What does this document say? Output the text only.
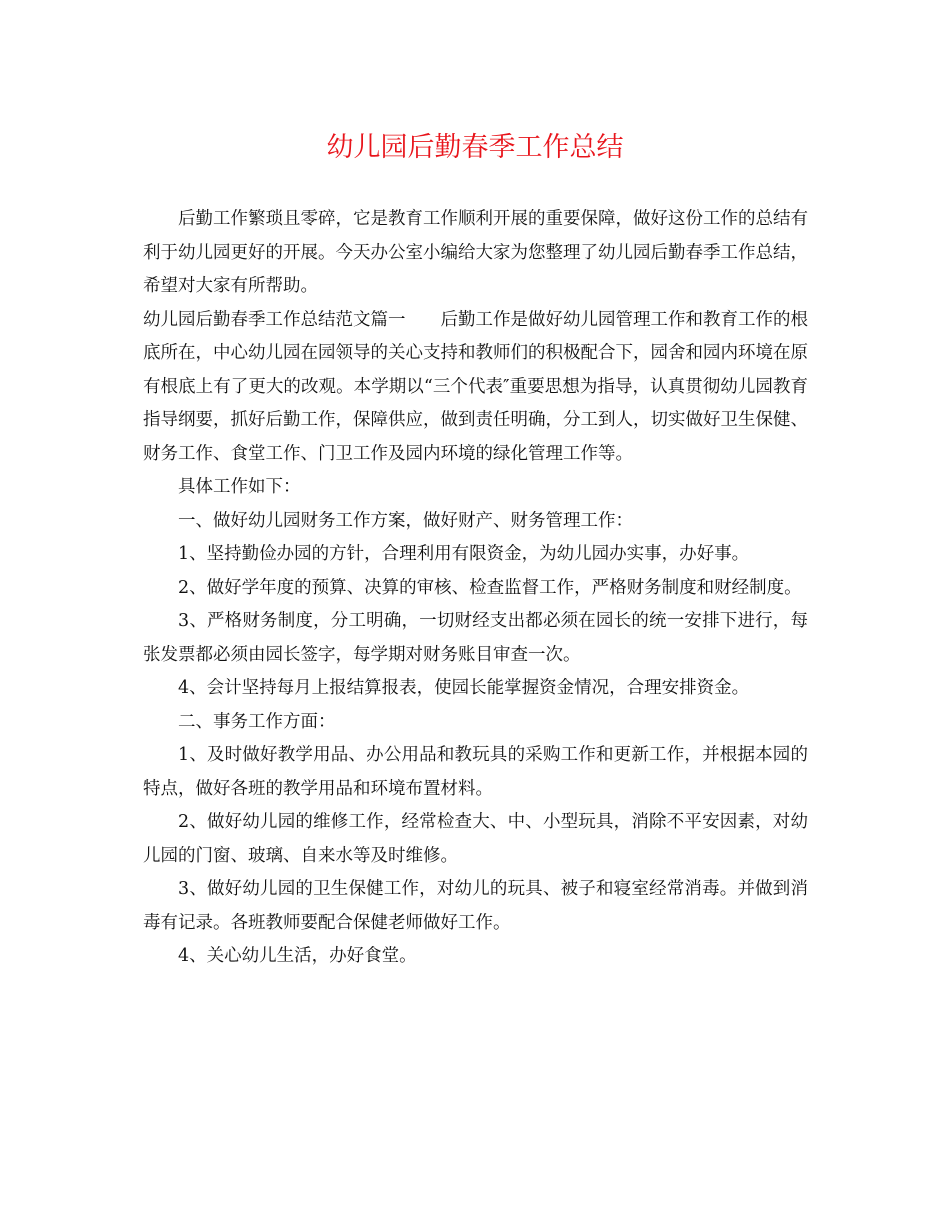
幼儿园后勤春季工作总结

后勤工作繁琐且零碎，它是教育工作顺利开展的重要保障，做好这份工作的总结有利于幼儿园更好的开展。今天办公室小编给大家为您整理了幼儿园后勤春季工作总结，希望对大家有所帮助。

幼儿园后勤春季工作总结范文篇一 后勤工作是做好幼儿园管理工作和教育工作的根底所在，中心幼儿园在园领导的关心支持和教师们的积极配合下，园舍和园内环境在原有根底上有了更大的改观。本学期以“三个代表″重要思想为指导，认真贯彻幼儿园教育指导纲要，抓好后勤工作，保障供应，做到责任明确，分工到人，切实做好卫生保健、财务工作、食堂工作、门卫工作及园内环境的绿化管理工作等。

具体工作如下：

一、做好幼儿园财务工作方案，做好财产、财务管理工作：

1、坚持勤俭办园的方针，合理利用有限资金，为幼儿园办实事，办好事。

2、做好学年度的预算、决算的审核、检查监督工作，严格财务制度和财经制度。

3、严格财务制度，分工明确，一切财经支出都必须在园长的统一安排下进行，每张发票都必须由园长签字，每学期对财务账目审查一次。

4、会计坚持每月上报结算报表，使园长能掌握资金情况，合理安排资金。

二、事务工作方面：

1、及时做好教学用品、办公用品和教玩具的采购工作和更新工作，并根据本园的特点，做好各班的教学用品和环境布置材料。

2、做好幼儿园的维修工作，经常检查大、中、小型玩具，消除不平安因素，对幼儿园的门窗、玻璃、自来水等及时维修。

3、做好幼儿园的卫生保健工作，对幼儿的玩具、被子和寝室经常消毒。并做到消毒有记录。各班教师要配合保健老师做好工作。

4、关心幼儿生活，办好食堂。
